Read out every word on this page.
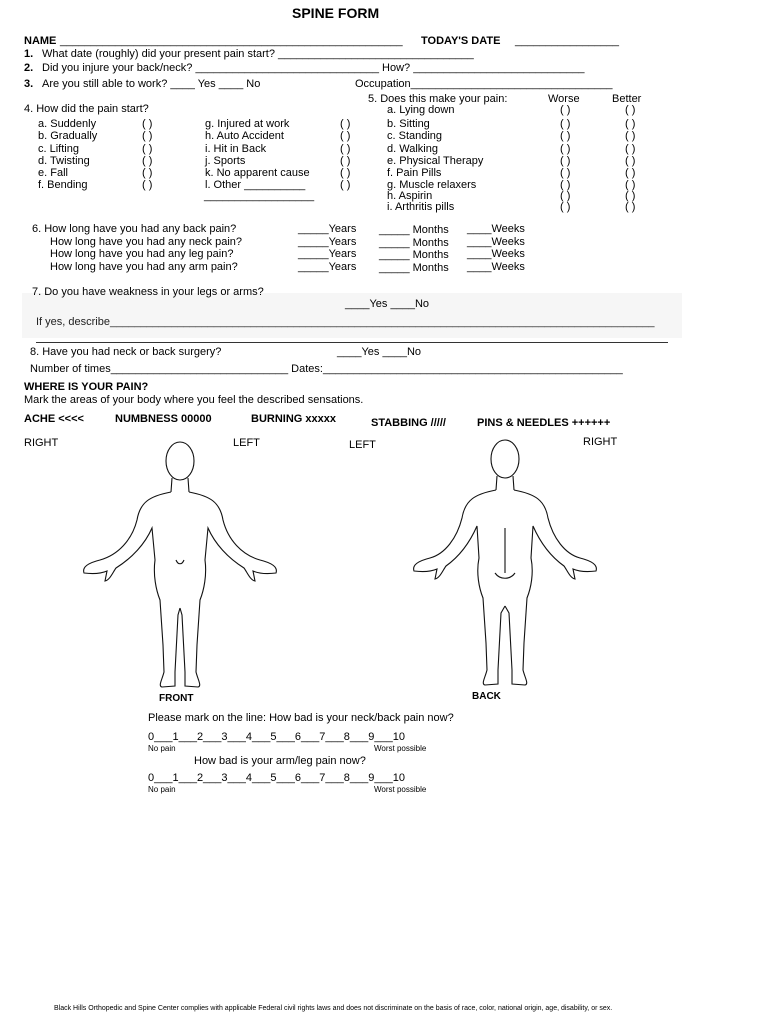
SPINE FORM
NAME ________________________________________________________ TODAY'S DATE _________________
1. What date (roughly) did your present pain start? ________________________________
2. Did you injure your back/neck? ______________________________ How? ____________________________
3. Are you still able to work? ____ Yes ____ No	Occupation_________________________________
4. How did the pain start?
a. Suddenly	( )
b. Gradually	( )
c. Lifting	( )
d. Twisting	( )
e. Fall	( )
f. Bending	( )
g. Injured at work	( )
h. Auto Accident	( )
i. Hit in Back	( )
j. Sports	( )
k. No apparent cause	( )
l. Other __________	( )
__________________
5. Does this make your pain:	Worse	Better
a. Lying down	( )	( )
b. Sitting	( )	( )
c. Standing	( )	( )
d. Walking	( )	( )
e. Physical Therapy	( )	( )
f. Pain Pills	( )	( )
g. Muscle relaxers	( )	( )
h. Aspirin	( )	( )
i. Arthritis pills	( )	( )
6. How long have you had any back pain?	_____Years _____ Months ____Weeks
How long have you had any neck pain?	_____Years _____ Months ____Weeks
How long have you had any leg pain?	_____Years _____ Months ____Weeks
How long have you had any arm pain?	_____Years _____ Months ____Weeks
7. Do you have weakness in your legs or arms?
____Yes ____No
If yes, describe_________________________________________________________________________________________
8. Have you had neck or back surgery?	____Yes ____No
Number of times_____________________________ Dates:_________________________________________________
WHERE IS YOUR PAIN?
Mark the areas of your body where you feel the described sensations.
ACHE <<<<	NUMBNESS 00000	BURNING xxxxx	STABBING /////	PINS & NEEDLES ++++++
RIGHT	LEFT	LEFT	RIGHT
FRONT	BACK
Please mark on the line: How bad is your neck/back pain now?
0___1___2___3___4___5___6___7___8___9___10
No pain	Worst possible
How bad is your arm/leg pain now?
0___1___2___3___4___5___6___7___8___9___10
No pain	Worst possible
Black Hills Orthopedic and Spine Center complies with applicable Federal civil rights laws and does not discriminate on the basis of race, color, national origin, age, disability, or sex.
